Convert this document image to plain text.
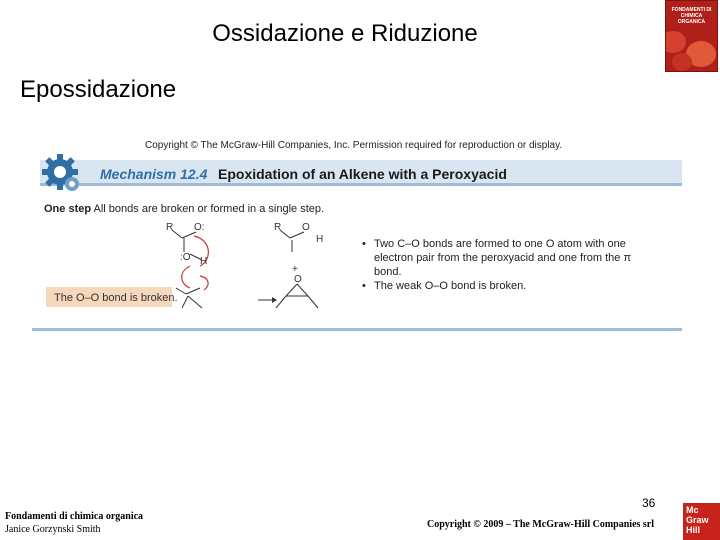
Ossidazione e Riduzione
Epossidazione
FONDAMENTI DI CHIMICA ORGANICA
Copyright © The McGraw-Hill Companies, Inc. Permission required for reproduction or display.
Mechanism 12.4 Epoxidation of an Alkene with a Peroxyacid
One step All bonds are broken or formed in a single step.
R O:
:O H
R O
H
+
O
The O–O bond is broken.
• Two C–O bonds are formed to one O atom with one electron pair from the peroxyacid and one from the π bond.
• The weak O–O bond is broken.
36
Fondamenti di chimica organica
Janice Gorzynski Smith	Copyright © 2009 – The McGraw-Hill Companies srl
Mc
Graw
Hill
